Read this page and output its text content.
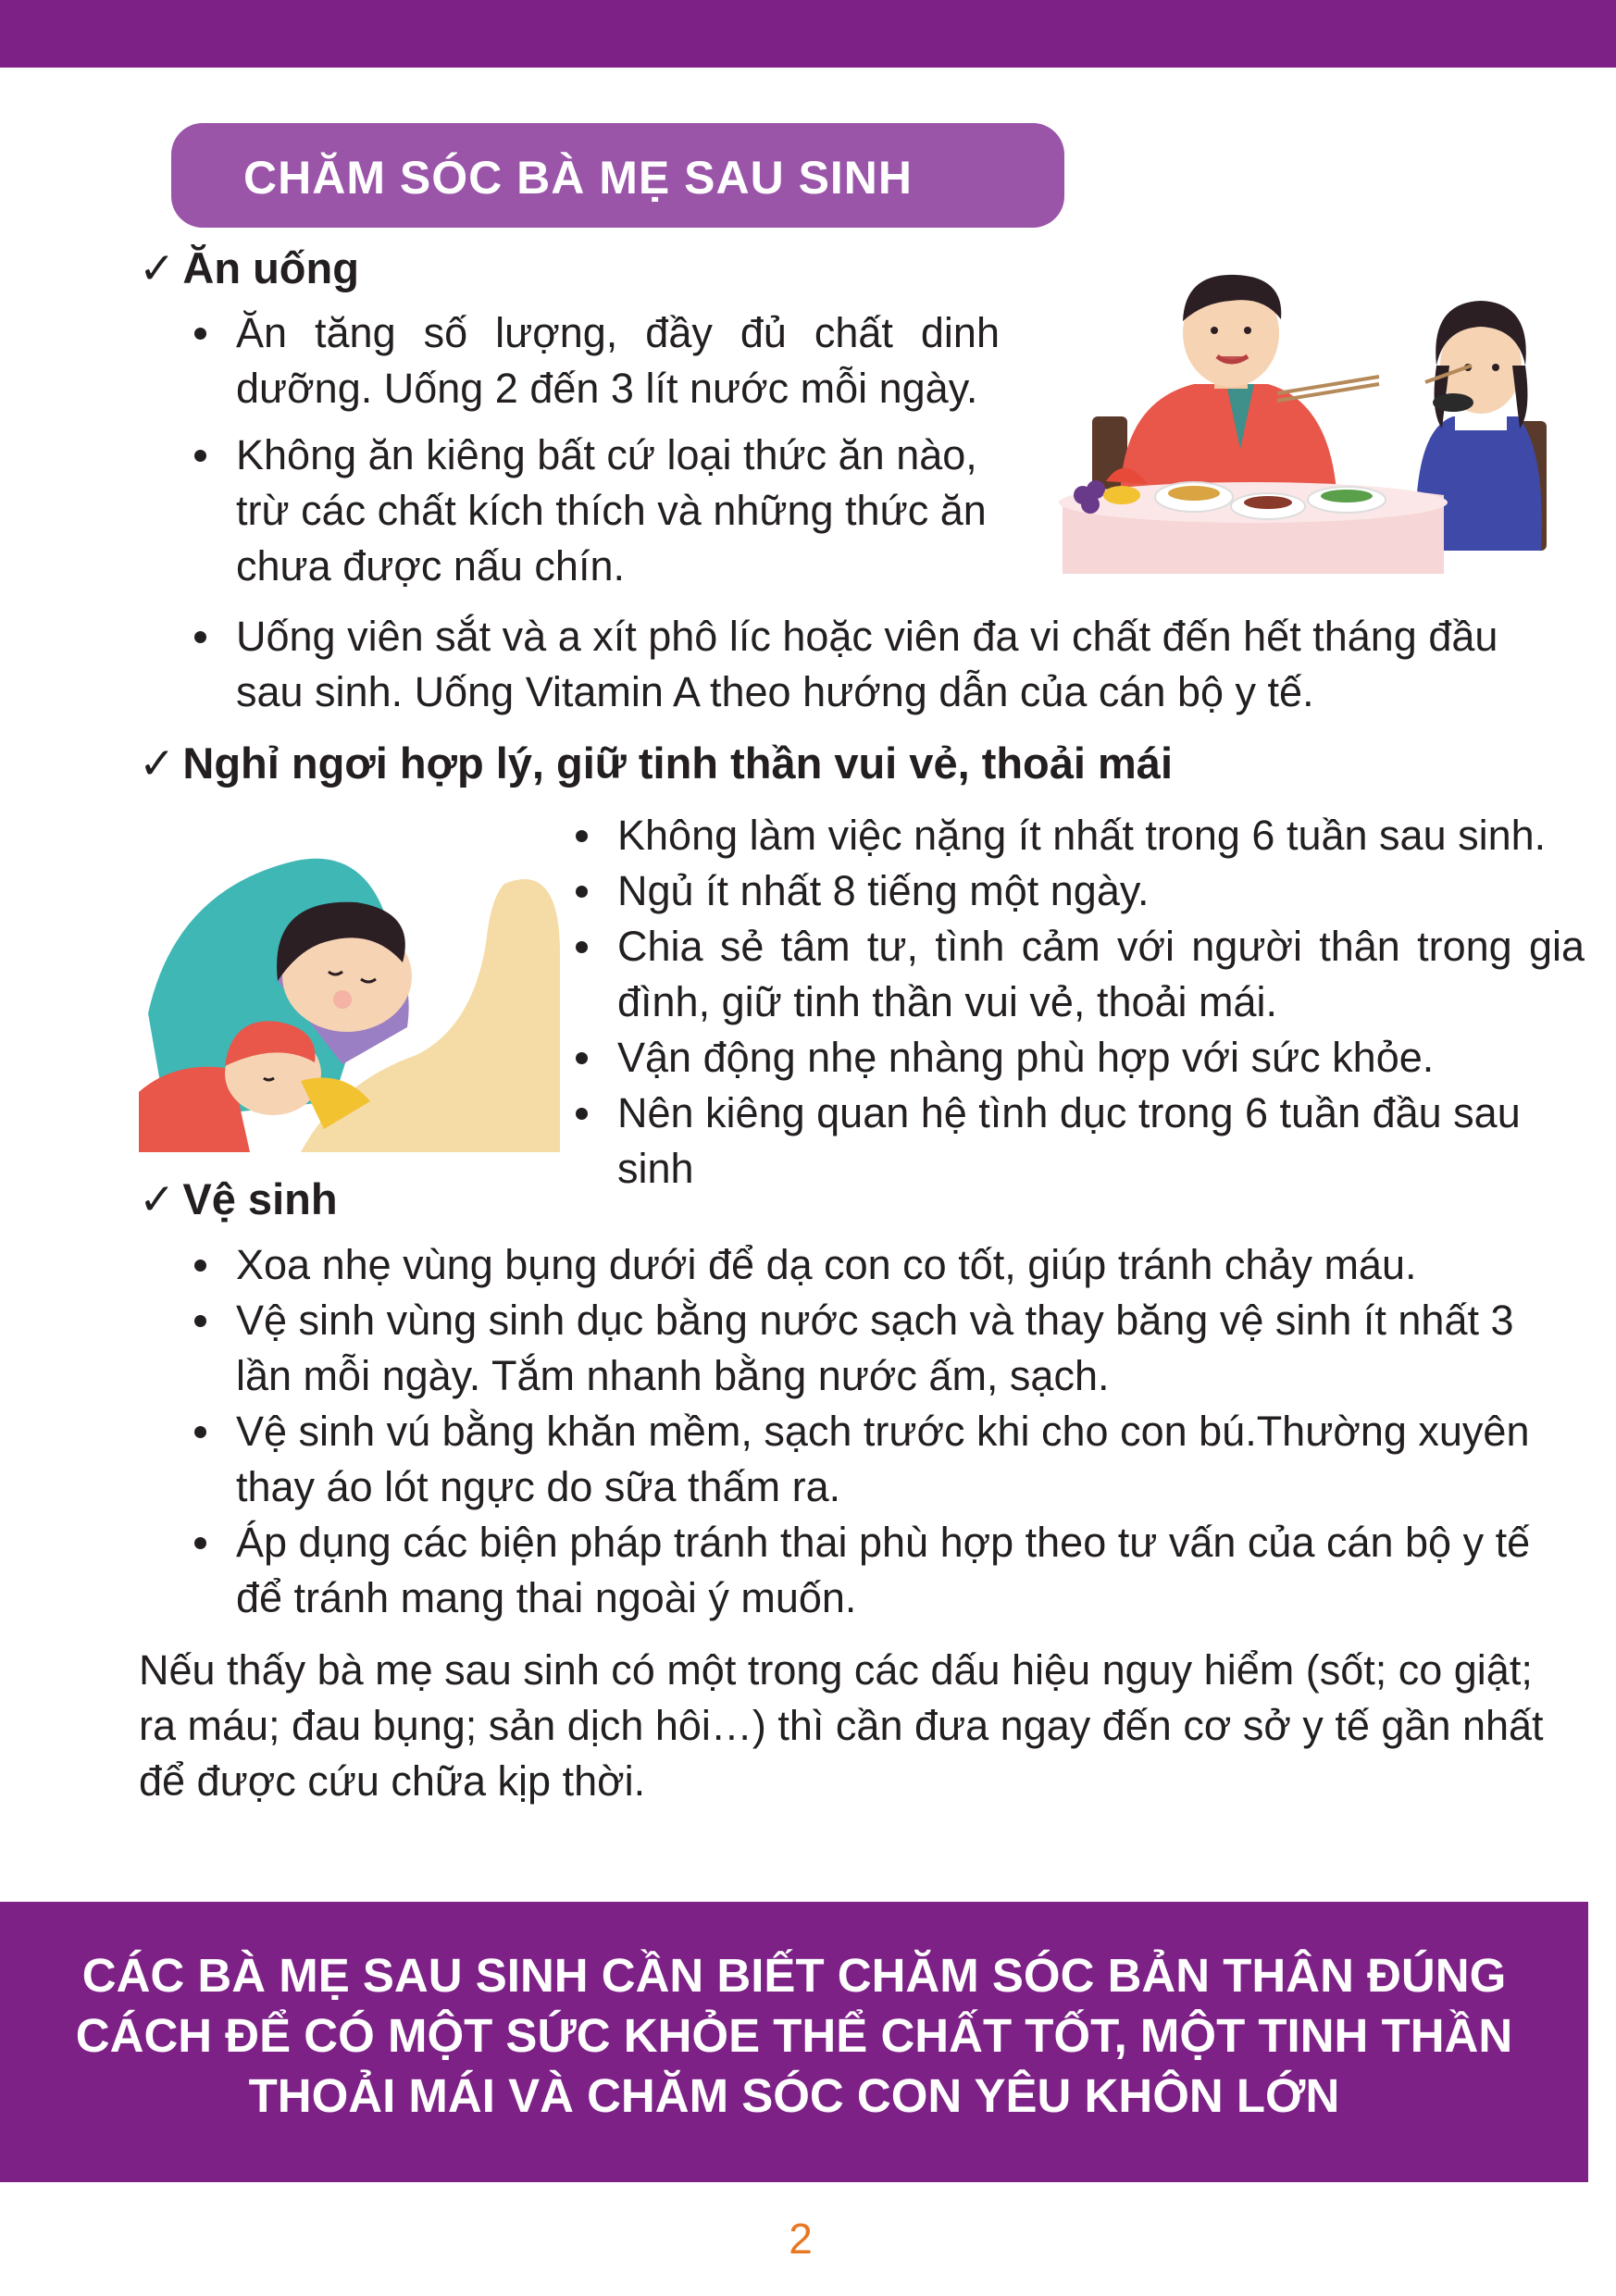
CHĂM SÓC BÀ MẸ SAU SINH
✓ Ăn uống
Ăn tăng số lượng, đầy đủ chất dinh dưỡng. Uống 2 đến 3 lít nước mỗi ngày.
Không ăn kiêng bất cứ loại thức ăn nào, trừ các chất kích thích và những thức ăn chưa được nấu chín.
Uống viên sắt và a xít phô líc hoặc viên đa vi chất đến hết tháng đầu sau sinh. Uống Vitamin A theo hướng dẫn của cán bộ y tế.
✓ Nghỉ ngơi hợp lý, giữ tinh thần vui vẻ, thoải mái
Không làm việc nặng ít nhất trong 6 tuần sau sinh.
Ngủ ít nhất 8 tiếng một ngày.
Chia sẻ tâm tư, tình cảm với người thân trong gia đình, giữ tinh thần vui vẻ, thoải mái.
Vận động nhẹ nhàng phù hợp với sức khỏe.
Nên kiêng quan hệ tình dục trong 6 tuần đầu sau sinh
✓ Vệ sinh
Xoa nhẹ vùng bụng dưới để dạ con co tốt, giúp tránh chảy máu.
Vệ sinh vùng sinh dục bằng nước sạch và thay băng vệ sinh ít nhất 3 lần mỗi ngày. Tắm nhanh bằng nước ấm, sạch.
Vệ sinh vú bằng khăn mềm, sạch trước khi cho con bú.Thường xuyên thay áo lót ngực do sữa thấm ra.
Áp dụng các biện pháp tránh thai phù hợp theo tư vấn của cán bộ y tế để tránh mang thai ngoài ý muốn.
Nếu thấy bà mẹ sau sinh có một trong các dấu hiệu nguy hiểm (sốt; co giật; ra máu; đau bụng; sản dịch hôi…) thì cần đưa ngay đến cơ sở y tế gần nhất để được cứu chữa kịp thời.

CÁC BÀ MẸ SAU SINH CẦN BIẾT CHĂM SÓC BẢN THÂN ĐÚNG CÁCH ĐỂ CÓ MỘT SỨC KHỎE THỂ CHẤT TỐT, MỘT TINH THẦN THOẢI MÁI VÀ CHĂM SÓC CON YÊU KHÔN LỚN

2
